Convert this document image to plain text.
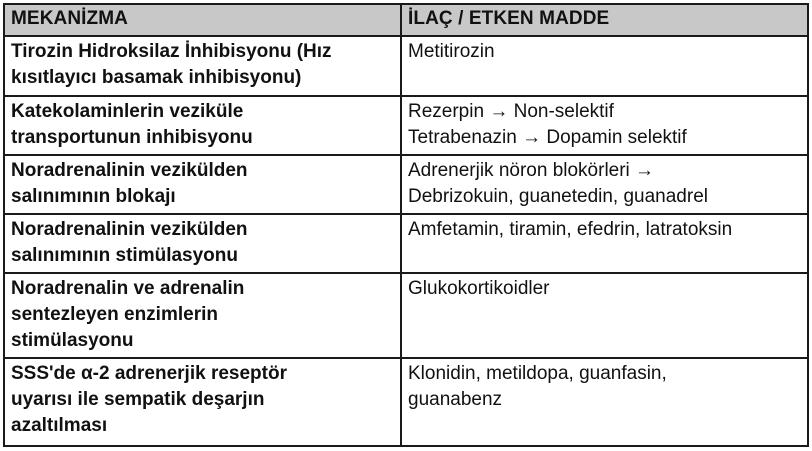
MEKANİZMA	İLAÇ / ETKEN MADDE

Tirozin Hidroksilaz İnhibisyonu (Hız
kısıtlayıcı basamak inhibisyonu)	Metitirozin

Katekolaminlerin veziküle
transportunun inhibisyonu	Rezerpin → Non-selektif
Tetrabenazin → Dopamin selektif

Noradrenalinin vezikülden
salınımının blokajı	Adrenerjik nöron blokörleri →
Debrizokuin, guanetedin, guanadrel

Noradrenalinin vezikülden
salınımının stimülasyonu	Amfetamin, tiramin, efedrin, latratoksin

Noradrenalin ve adrenalin
sentezleyen enzimlerin
stimülasyonu	Glukokortikoidler

SSS'de α-2 adrenerjik reseptör
uyarısı ile sempatik deşarjın
azaltılması	Klonidin, metildopa, guanfasin,
guanabenz
